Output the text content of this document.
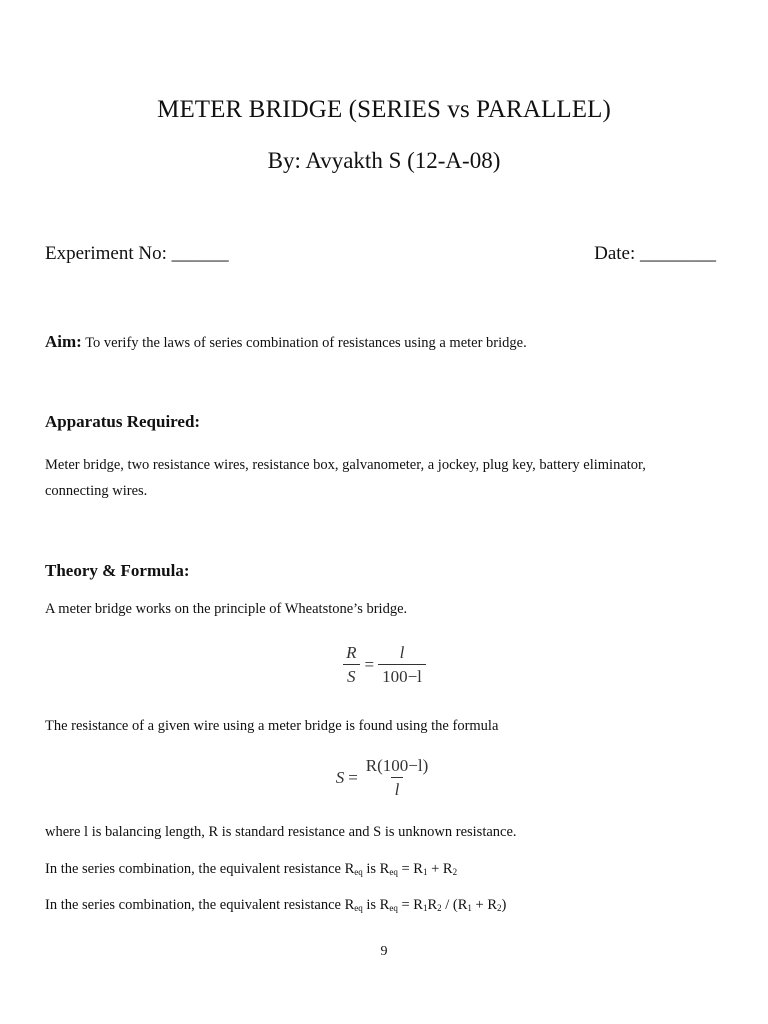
METER BRIDGE (SERIES vs PARALLEL)
By: Avyakth S (12-A-08)
Experiment No: ______	Date: ________
Aim: To verify the laws of series combination of resistances using a meter bridge.
Apparatus Required:
Meter bridge, two resistance wires, resistance box, galvanometer, a jockey, plug key, battery eliminator,
connecting wires.
Theory & Formula:
A meter bridge works on the principle of Wheatstone’s bridge.
$\frac{R}{S} = \frac{l}{100-l}$
The resistance of a given wire using a meter bridge is found using the formula
$S = \frac{R(100-l)}{l}$
where l is balancing length, R is standard resistance and S is unknown resistance.
In the series combination, the equivalent resistance $R_{eq}$ is $R_{eq} = R_1 + R_2$
In the series combination, the equivalent resistance $R_{eq}$ is $R_{eq} = R_1R_2 / (R_1 + R_2)$
9
